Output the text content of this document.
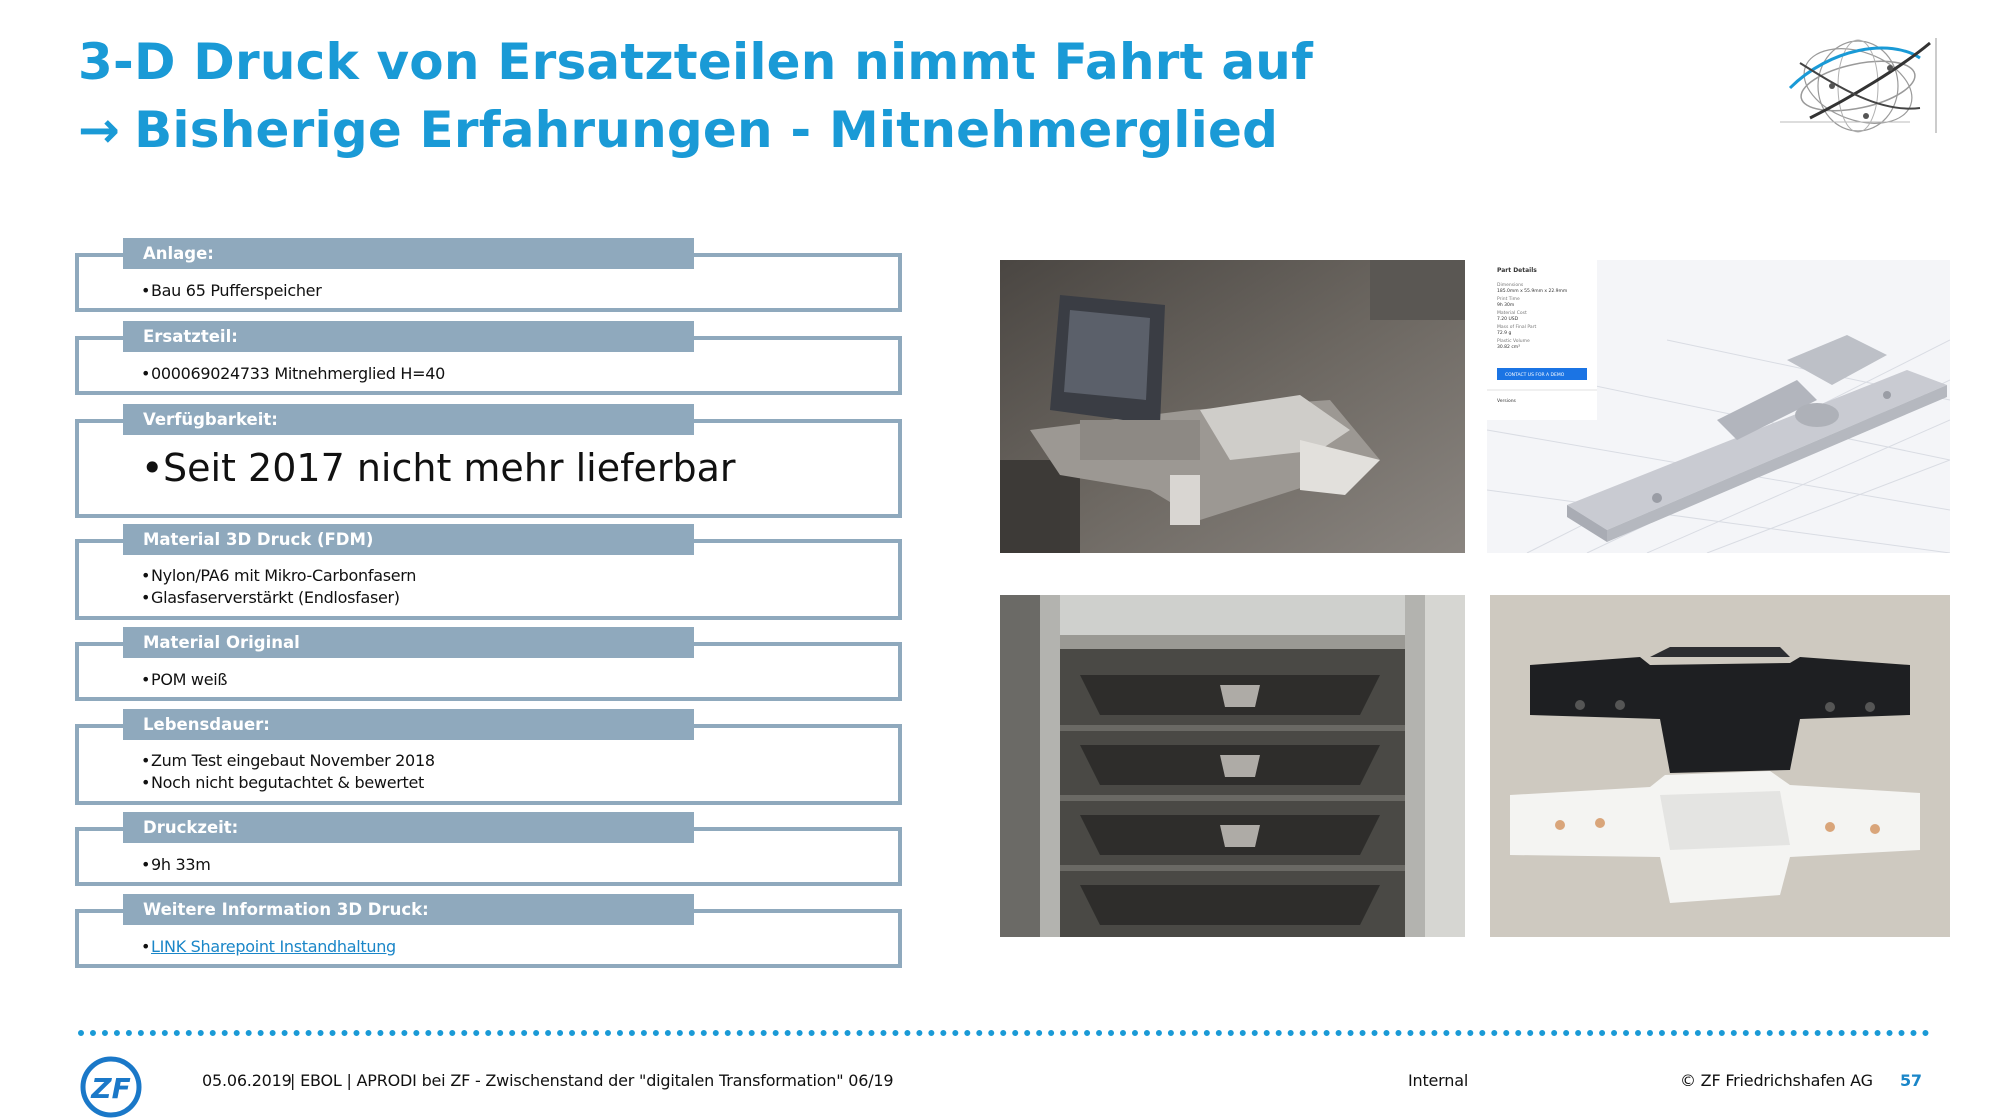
3-D Druck von Ersatzteilen nimmt Fahrt auf
→ Bisherige Erfahrungen - Mitnehmerglied
Anlage:
• Bau 65 Pufferspeicher
Ersatzteil:
• 000069024733 Mitnehmerglied H=40
Verfügbarkeit:
• Seit 2017 nicht mehr lieferbar
Material 3D Druck (FDM)
• Nylon/PA6 mit Mikro-Carbonfasern
• Glasfaserverstärkt (Endlosfaser)
Material Original
• POM weiß
Lebensdauer:
• Zum Test eingebaut November 2018
• Noch nicht begutachtet & bewertet
Druckzeit:
• 9h 33m
Weitere Information 3D Druck:
• LINK Sharepoint Instandhaltung
Part Details
Dimensions
185.0mm x 55.9mm x 22.9mm
Print Time
9h 30m
Material Cost
7.20 USD
Mass of Final Part
72.9 g
Plastic Volume
30.82 cm³
CONTACT US FOR A DEMO
Versions
ZF	05.06.2019
| EBOL | APRODI bei ZF - Zwischenstand der "digitalen Transformation" 06/19	Internal	© ZF Friedrichshafen AG 57
